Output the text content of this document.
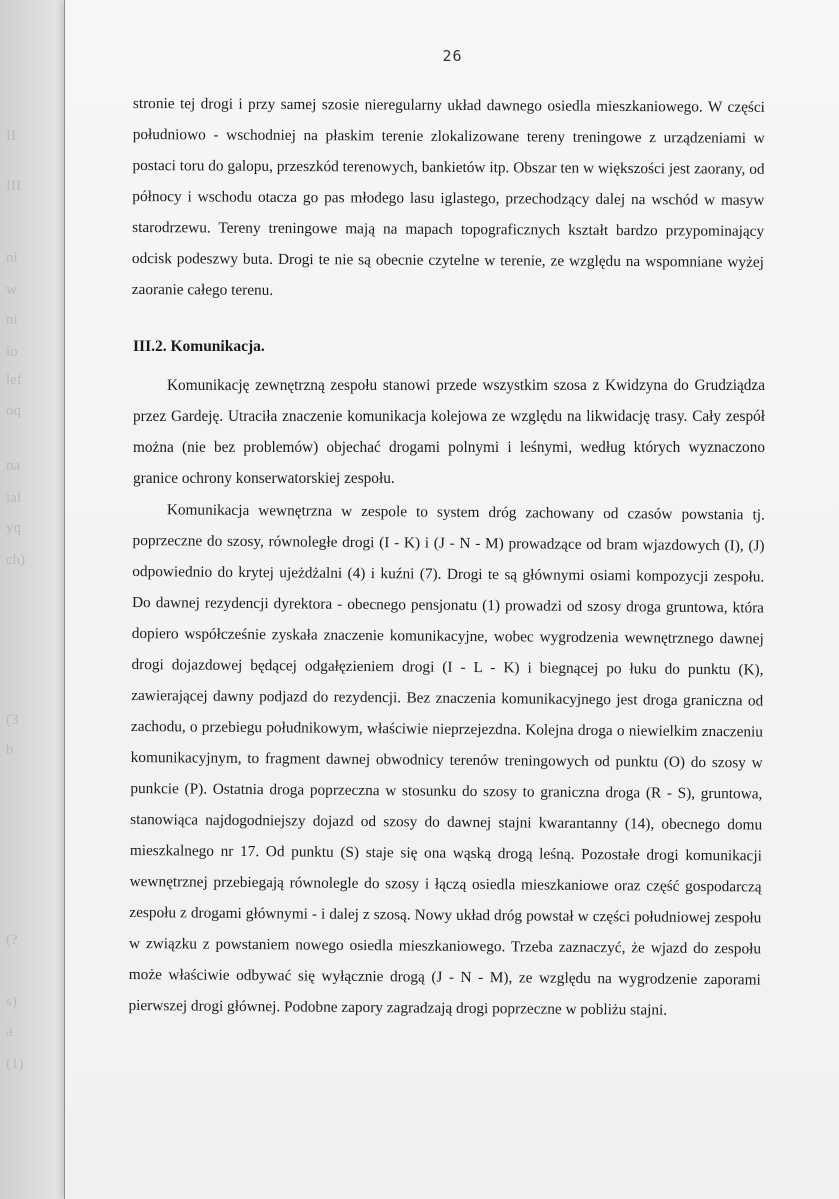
II
III
ni
w
ni
io
lef
oq
na
ial
yq
ch)
(3
b
(?
s)
a
(1)
26

stronie tej drogi i przy samej szosie nieregularny układ dawnego osiedla mieszkaniowego. W części południowo - wschodniej na płaskim terenie zlokalizowane tereny treningowe z urządzeniami w postaci toru do galopu, przeszkód terenowych, bankietów itp. Obszar ten w większości jest zaorany, od północy i wschodu otacza go pas młodego lasu iglastego, przechodzący dalej na wschód w masyw starodrzewu. Tereny treningowe mają na mapach topograficznych kształt bardzo przypominający odcisk podeszwy buta. Drogi te nie są obecnie czytelne w terenie, ze względu na wspomniane wyżej zaoranie całego terenu.

III.2. Komunikacja.

Komunikację zewnętrzną zespołu stanowi przede wszystkim szosa z Kwidzyna do Grudziądza przez Gardeję. Utraciła znaczenie komunikacja kolejowa ze względu na likwidację trasy. Cały zespół można (nie bez problemów) objechać drogami polnymi i leśnymi, według których wyznaczono granice ochrony konserwatorskiej zespołu.

Komunikacja wewnętrzna w zespole to system dróg zachowany od czasów powstania tj. poprzeczne do szosy, równoległe drogi (I - K) i (J - N - M) prowadzące od bram wjazdowych (I), (J) odpowiednio do krytej ujeżdżalni (4) i kuźni (7). Drogi te są głównymi osiami kompozycji zespołu. Do dawnej rezydencji dyrektora - obecnego pensjonatu (1) prowadzi od szosy droga gruntowa, która dopiero współcześnie zyskała znaczenie komunikacyjne, wobec wygrodzenia wewnętrznego dawnej drogi dojazdowej będącej odgałęzieniem drogi (I - L - K) i biegnącej po łuku do punktu (K), zawierającej dawny podjazd do rezydencji. Bez znaczenia komunikacyjnego jest droga graniczna od zachodu, o przebiegu południkowym, właściwie nieprzejezdna. Kolejna droga o niewielkim znaczeniu komunikacyjnym, to fragment dawnej obwodnicy terenów treningowych od punktu (O) do szosy w punkcie (P). Ostatnia droga poprzeczna w stosunku do szosy to graniczna droga (R - S), gruntowa, stanowiąca najdogodniejszy dojazd od szosy do dawnej stajni kwarantanny (14), obecnego domu mieszkalnego nr 17. Od punktu (S) staje się ona wąską drogą leśną. Pozostałe drogi komunikacji wewnętrznej przebiegają równolegle do szosy i łączą osiedla mieszkaniowe oraz część gospodarczą zespołu z drogami głównymi - i dalej z szosą. Nowy układ dróg powstał w części południowej zespołu w związku z powstaniem nowego osiedla mieszkaniowego. Trzeba zaznaczyć, że wjazd do zespołu może właściwie odbywać się wyłącznie drogą (J - N - M), ze względu na wygrodzenie zaporami pierwszej drogi głównej. Podobne zapory zagradzają drogi poprzeczne w pobliżu stajni.
